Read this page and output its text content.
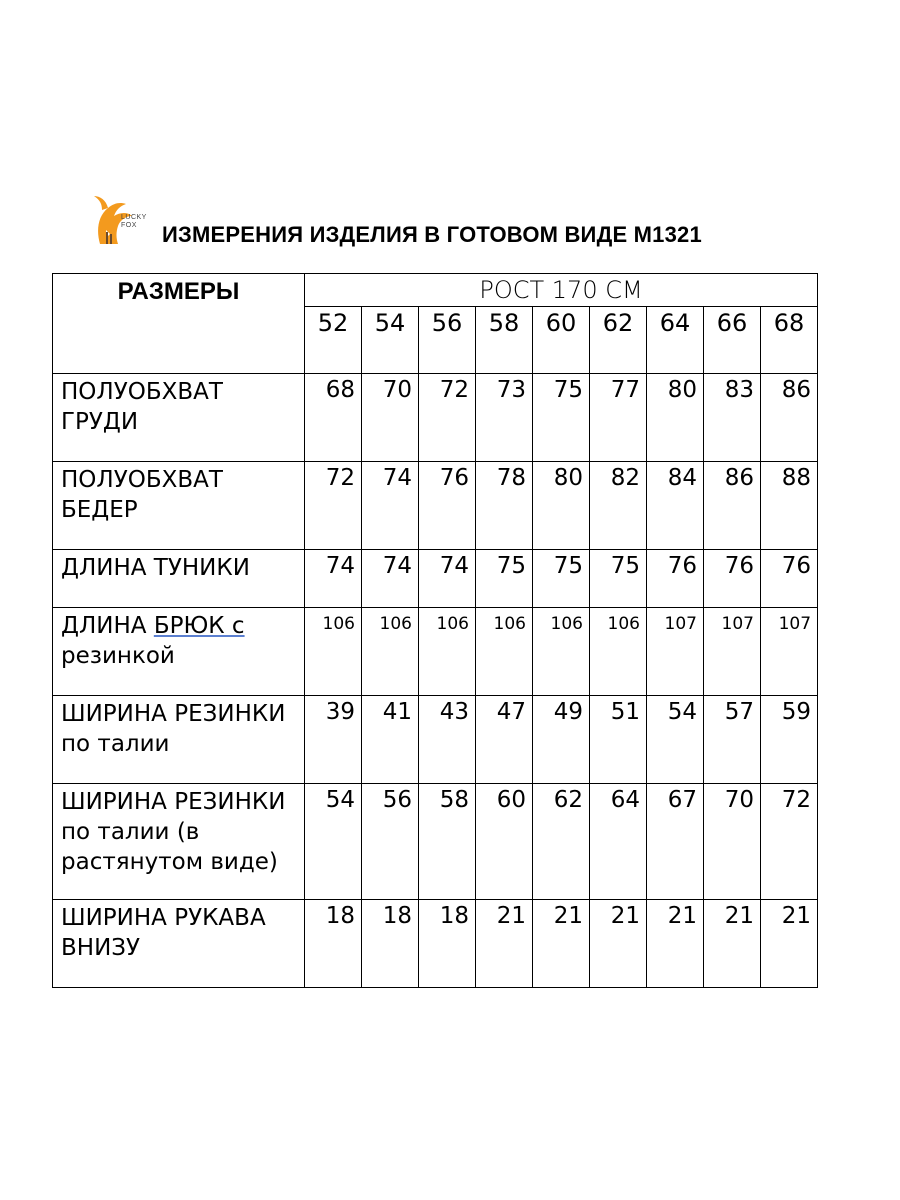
LUCKY
FOX	ИЗМЕРЕНИЯ ИЗДЕЛИЯ В ГОТОВОМ ВИДЕ М1321
РАЗМЕРЫ	РОСТ 170 СМ								
	52	54	56	58	60	62	64	66	68

ПОЛУОБХВАТ
ГРУДИ	68	70	72	73	75	77	80	83	86

ПОЛУОБХВАТ
БЕДЕР	72	74	76	78	80	82	84	86	88

ДЛИНА ТУНИКИ	74	74	74	75	75	75	76	76	76

ДЛИНА БРЮК с
резинкой	106	106	106	106	106	106	107	107	107

ШИРИНА РЕЗИНКИ
по талии	39	41	43	47	49	51	54	57	59

ШИРИНА РЕЗИНКИ
по талии (в
растянутом виде)	54	56	58	60	62	64	67	70	72

ШИРИНА РУКАВА
ВНИЗУ	18	18	18	21	21	21	21	21	21
